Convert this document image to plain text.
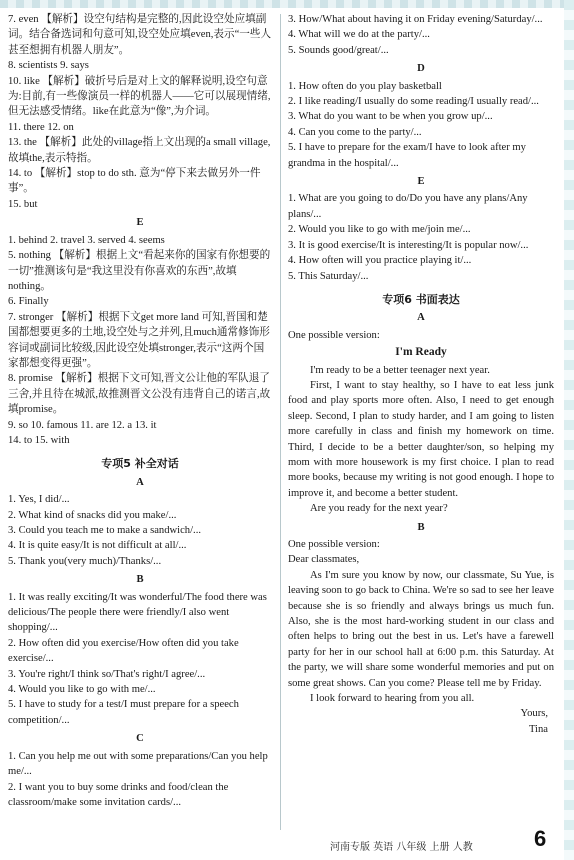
7. even 【解析】设空句结构是完整的,因此设空处应填副词。结合备选词和句意可知,设空处应填even,表示“一些人甚至想拥有机器人朋友”。

8. scientists 9. says

10. like 【解析】破折号后是对上文的解释说明,设空句意为:目前,有一些像演员一样的机器人——它可以展现情绪,但无法感受情绪。like在此意为“像”,为介词。

11. there 12. on

13. the 【解析】此处的village指上文出现的a small village,故填the,表示特指。

14. to 【解析】stop to do sth. 意为“停下来去做另外一件事”。

15. but

E

1. behind 2. travel 3. served 4. seems

5. nothing 【解析】根据上文“看起来你的国家有你想要的一切”推测该句是“我这里没有你喜欢的东西”,故填nothing。

6. Finally

7. stronger 【解析】根据下文get more land 可知,晋国和楚国都想要更多的土地,设空处与之并列,且much通常修饰形容词或副词比较级,因此设空处填stronger,表示“这两个国家都想变得更强”。

8. promise 【解析】根据下文可知,晋文公让他的军队退了三舍,并且待在城派,故推测晋文公没有违背自己的诺言,故填promise。

9. so 10. famous 11. are 12. a 13. it

14. to 15. with

专项5 补全对话
A

1. Yes, I did/...

2. What kind of snacks did you make/...

3. Could you teach me to make a sandwich/...

4. It is quite easy/It is not difficult at all/...

5. Thank you(very much)/Thanks/...

B

1. It was really exciting/It was wonderful/The food there was delicious/The people there were friendly/I also went shopping/...

2. How often did you exercise/How often did you take exercise/...

3. You're right/I think so/That's right/I agree/...

4. Would you like to go with me/...

5. I have to study for a test/I must prepare for a speech competition/...

C

1. Can you help me out with some preparations/Can you help me/...

2. I want you to buy some drinks and food/clean the classroom/make some invitation cards/...

3. How/What about having it on Friday evening/Saturday/...

4. What will we do at the party/...

5. Sounds good/great/...

D

1. How often do you play basketball

2. I like reading/I usually do some reading/I usually read/...

3. What do you want to be when you grow up/...

4. Can you come to the party/...

5. I have to prepare for the exam/I have to look after my grandma in the hospital/...

E

1. What are you going to do/Do you have any plans/Any plans/...

2. Would you like to go with me/join me/...

3. It is good exercise/It is interesting/It is popular now/...

4. How often will you practice playing it/...

5. This Saturday/...

专项6 书面表达
A

One possible version:

I'm Ready

I'm ready to be a better teenager next year.

First, I want to stay healthy, so I have to eat less junk food and play sports more often. Also, I need to get enough sleep. Second, I plan to study harder, and I am going to listen more carefully in class and finish my homework on time. Third, I decide to be a better daughter/son, so helping my mom with more housework is my first choice. I plan to read more books, because my writing is not good enough. I hope to improve it, and become a better student.

Are you ready for the next year?

B

One possible version:

Dear classmates,

As I'm sure you know by now, our classmate, Su Yue, is leaving soon to go back to China. We're so sad to see her leave because she is so friendly and always brings us much fun. Also, she is the most hard-working student in our class and often helps to bring out the best in us. Let's have a farewell party for her in our school hall at 6:00 p.m. this Saturday. At the party, we will share some wonderful memories and put on some great shows. Can you come? Please tell me by Friday.

I look forward to hearing from you all.

Yours,

Tina

河南专版 英语 八年级 上册 人教	6
